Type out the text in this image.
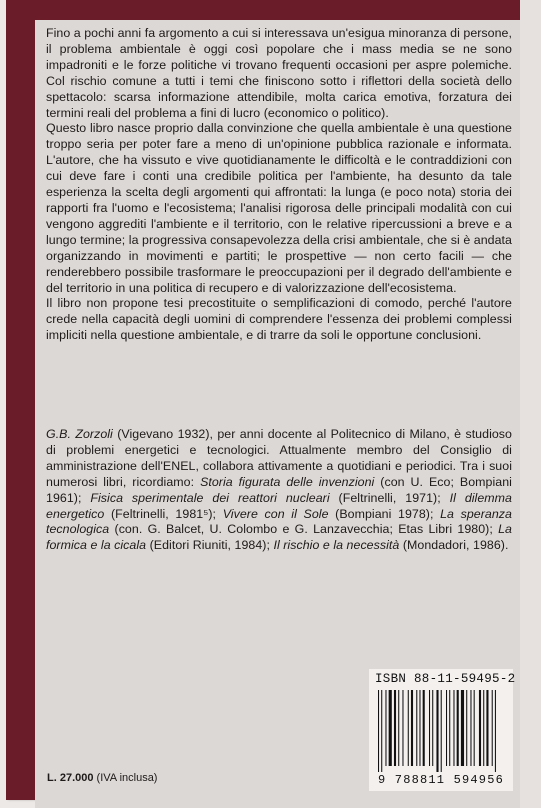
Fino a pochi anni fa argomento a cui si interessava un'esigua minoranza di persone, il problema ambientale è oggi così popolare che i mass media se ne sono impadroniti e le forze politiche vi trovano frequenti occasioni per aspre polemiche. Col rischio comune a tutti i temi che finiscono sotto i riflettori della società dello spettacolo: scarsa informazione attendibile, molta carica emotiva, forzatura dei termini reali del problema a fini di lucro (economico o politico).

Questo libro nasce proprio dalla convinzione che quella ambientale è una questione troppo seria per poter fare a meno di un'opinione pubblica razionale e informata. L'autore, che ha vissuto e vive quotidianamente le difficoltà e le contraddizioni con cui deve fare i conti una credibile politica per l'ambiente, ha desunto da tale esperienza la scelta degli argomenti qui affrontati: la lunga (e poco nota) storia dei rapporti fra l'uomo e l'ecosistema; l'analisi rigorosa delle principali modalità con cui vengono aggrediti l'ambiente e il territorio, con le relative ripercussioni a breve e a lungo termine; la progressiva consapevolezza della crisi ambientale, che si è andata organizzando in movimenti e partiti; le prospettive — non certo facili — che renderebbero possibile trasformare le preoccupazioni per il degrado dell'ambiente e del territorio in una politica di recupero e di valorizzazione dell'ecosistema.

Il libro non propone tesi precostituite o semplificazioni di comodo, perché l'autore crede nella capacità degli uomini di comprendere l'essenza dei problemi complessi impliciti nella questione ambientale, e di trarre da soli le opportune conclusioni.

G.B. Zorzoli (Vigevano 1932), per anni docente al Politecnico di Milano, è studioso di problemi energetici e tecnologici. Attualmente membro del Consiglio di amministrazione dell'ENEL, collabora attivamente a quotidiani e periodici. Tra i suoi numerosi libri, ricordiamo: Storia figurata delle invenzioni (con U. Eco; Bompiani 1961); Fisica sperimentale dei reattori nucleari (Feltrinelli, 1971); Il dilemma energetico (Feltrinelli, 1981⁵); Vivere con il Sole (Bompiani 1978); La speranza tecnologica (con. G. Balcet, U. Colombo e G. Lanzavecchia; Etas Libri 1980); La formica e la cicala (Editori Riuniti, 1984); Il rischio e la necessità (Mondadori, 1986).
ISBN 88-11-59495-2
9 788811 594956
L. 27.000 (IVA inclusa)
